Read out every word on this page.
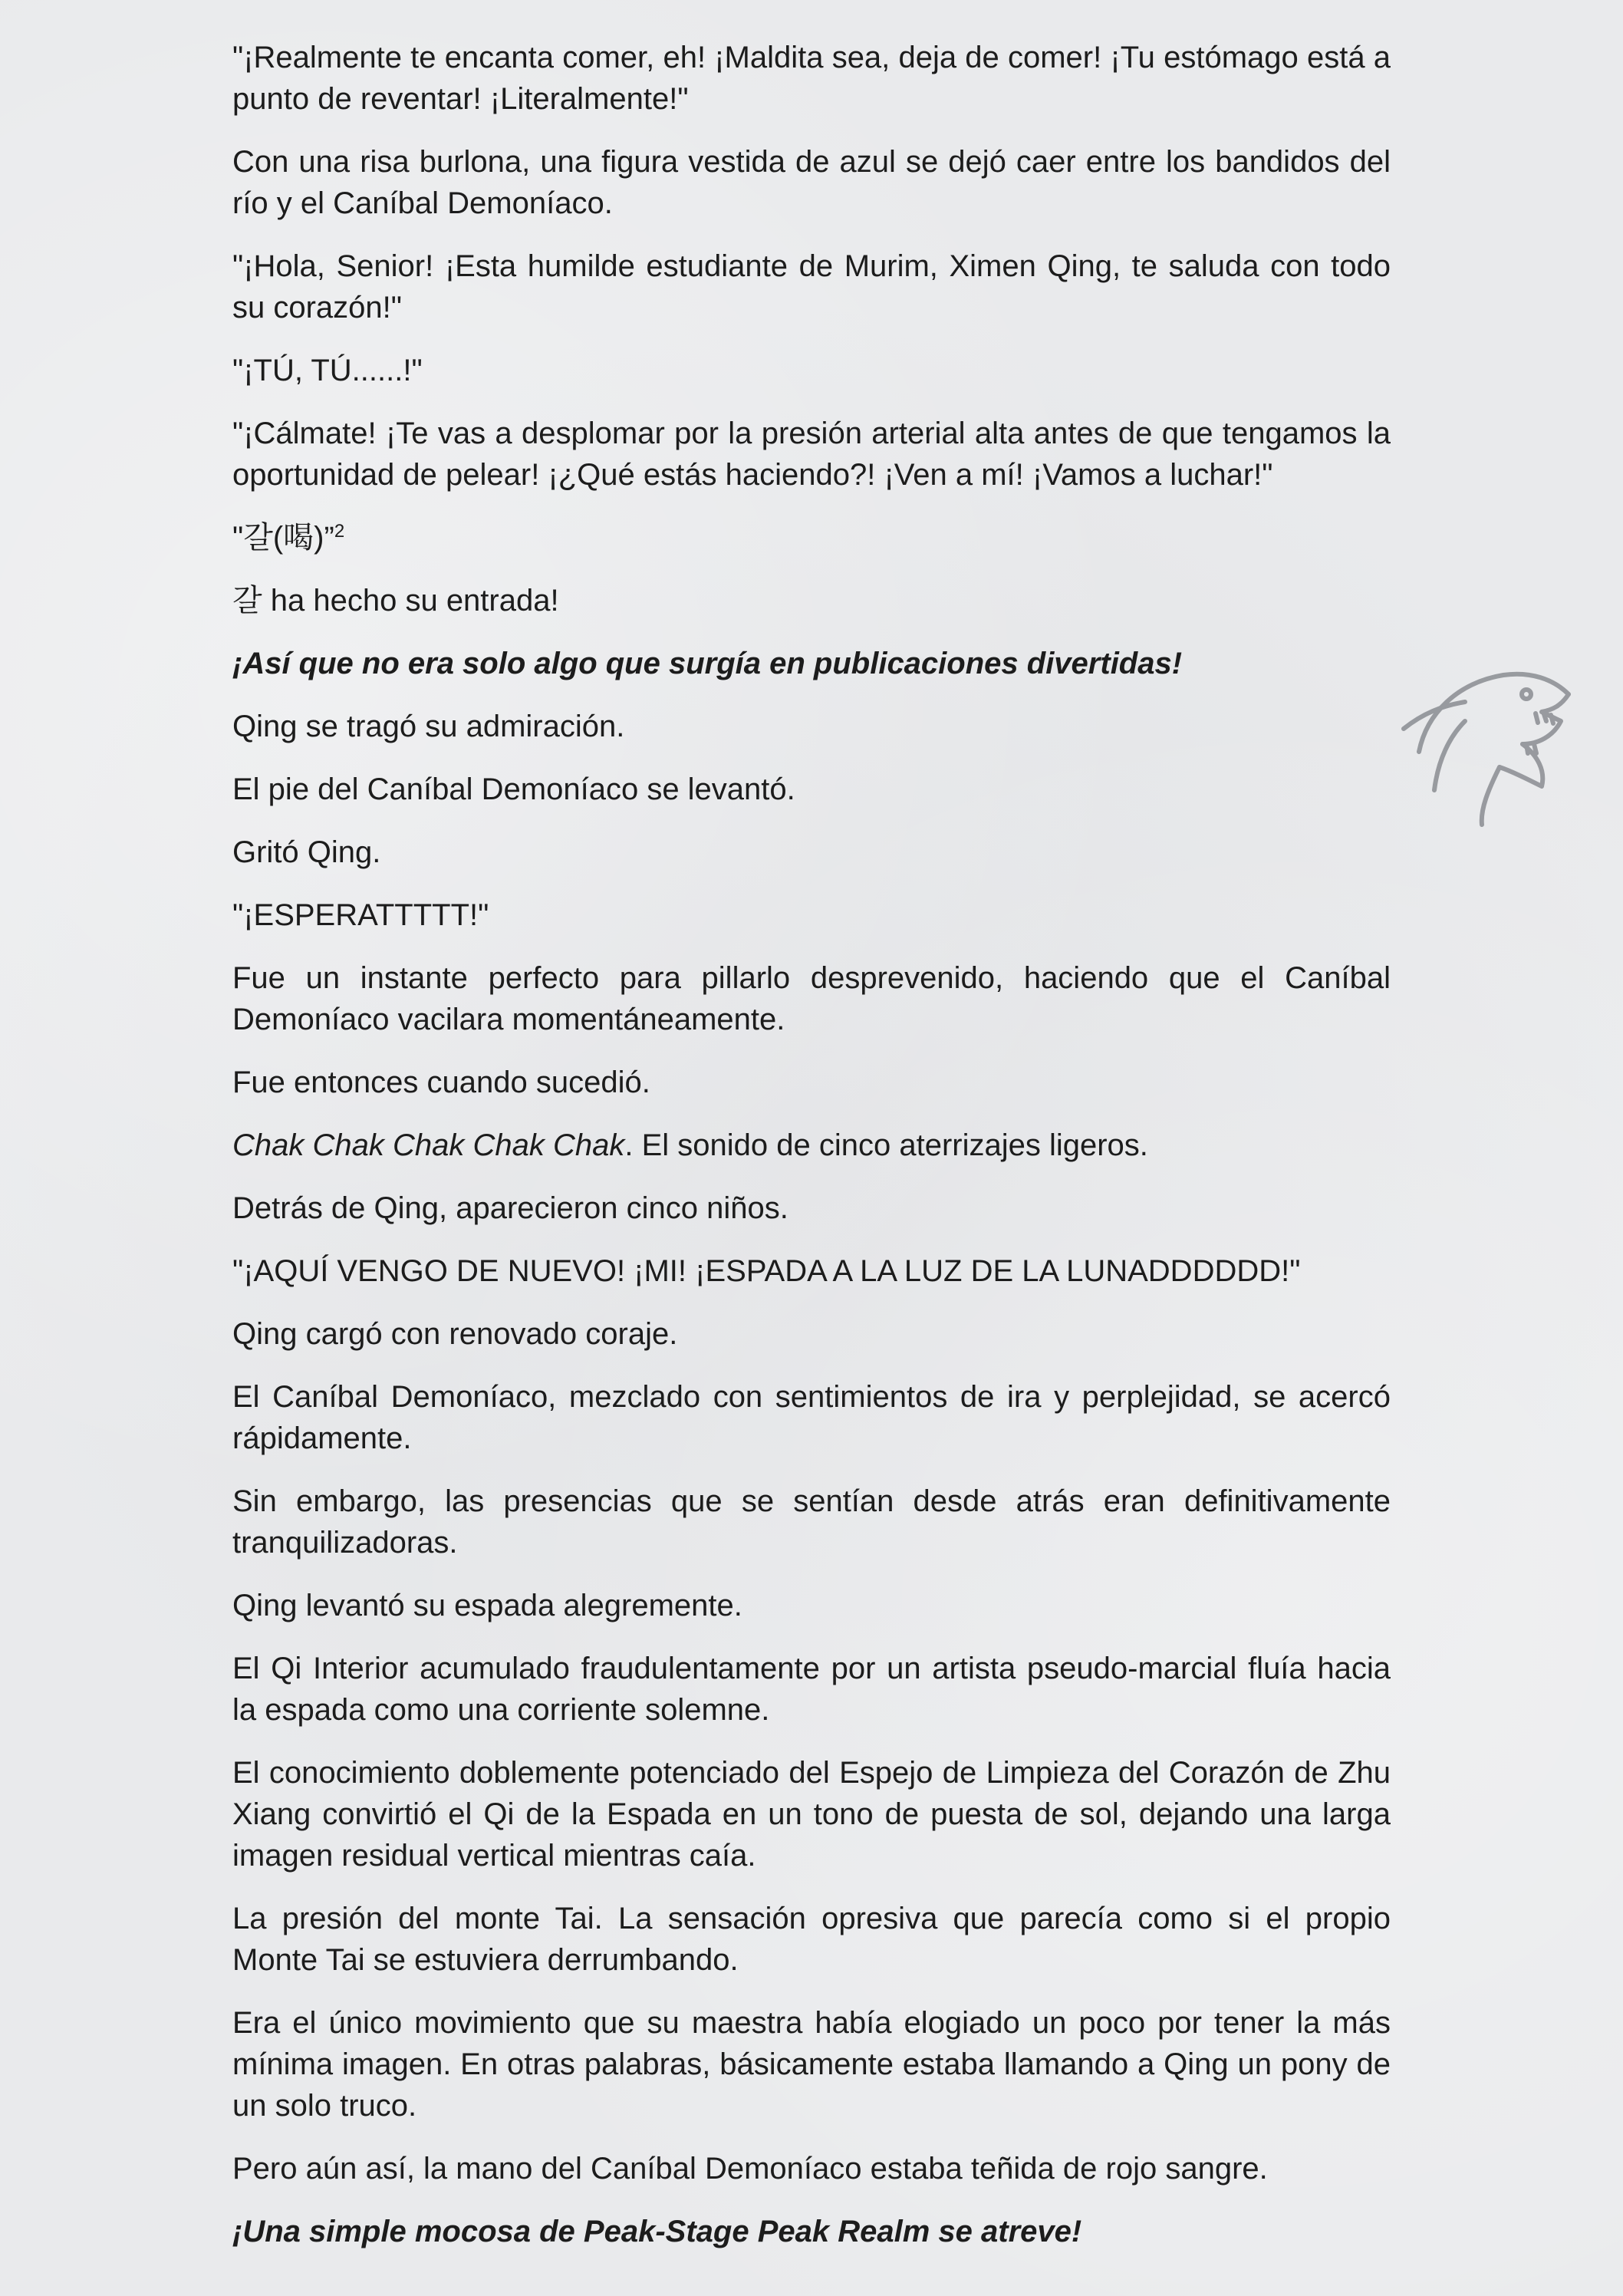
"¡Realmente te encanta comer, eh! ¡Maldita sea, deja de comer! ¡Tu estómago está a punto de reventar! ¡Literalmente!"

Con una risa burlona, una figura vestida de azul se dejó caer entre los bandidos del río y el Caníbal Demoníaco.

"¡Hola, Senior! ¡Esta humilde estudiante de Murim, Ximen Qing, te saluda con todo su corazón!"

"¡TÚ, TÚ......!"

"¡Cálmate! ¡Te vas a desplomar por la presión arterial alta antes de que tengamos la oportunidad de pelear! ¡¿Qué estás haciendo?! ¡Ven a mí! ¡Vamos a luchar!"

"갈(喝)”$^2$

갈 ha hecho su entrada!

¡Así que no era solo algo que surgía en publicaciones divertidas!

Qing se tragó su admiración.

El pie del Caníbal Demoníaco se levantó.

Gritó Qing.

"¡ESPERATTTTT!"

Fue un instante perfecto para pillarlo desprevenido, haciendo que el Caníbal Demoníaco vacilara momentáneamente.

Fue entonces cuando sucedió.

Chak Chak Chak Chak Chak. El sonido de cinco aterrizajes ligeros.

Detrás de Qing, aparecieron cinco niños.

"¡AQUÍ VENGO DE NUEVO! ¡MI! ¡ESPADA A LA LUZ DE LA LUNADDDDDD!"

Qing cargó con renovado coraje.

El Caníbal Demoníaco, mezclado con sentimientos de ira y perplejidad, se acercó rápidamente.

Sin embargo, las presencias que se sentían desde atrás eran definitivamente tranquilizadoras.

Qing levantó su espada alegremente.

El Qi Interior acumulado fraudulentamente por un artista pseudo-marcial fluía hacia la espada como una corriente solemne.

El conocimiento doblemente potenciado del Espejo de Limpieza del Corazón de Zhu Xiang convirtió el Qi de la Espada en un tono de puesta de sol, dejando una larga imagen residual vertical mientras caía.

La presión del monte Tai. La sensación opresiva que parecía como si el propio Monte Tai se estuviera derrumbando.

Era el único movimiento que su maestra había elogiado un poco por tener la más mínima imagen. En otras palabras, básicamente estaba llamando a Qing un pony de un solo truco.

Pero aún así, la mano del Caníbal Demoníaco estaba teñida de rojo sangre.

¡Una simple mocosa de Peak-Stage Peak Realm se atreve!
